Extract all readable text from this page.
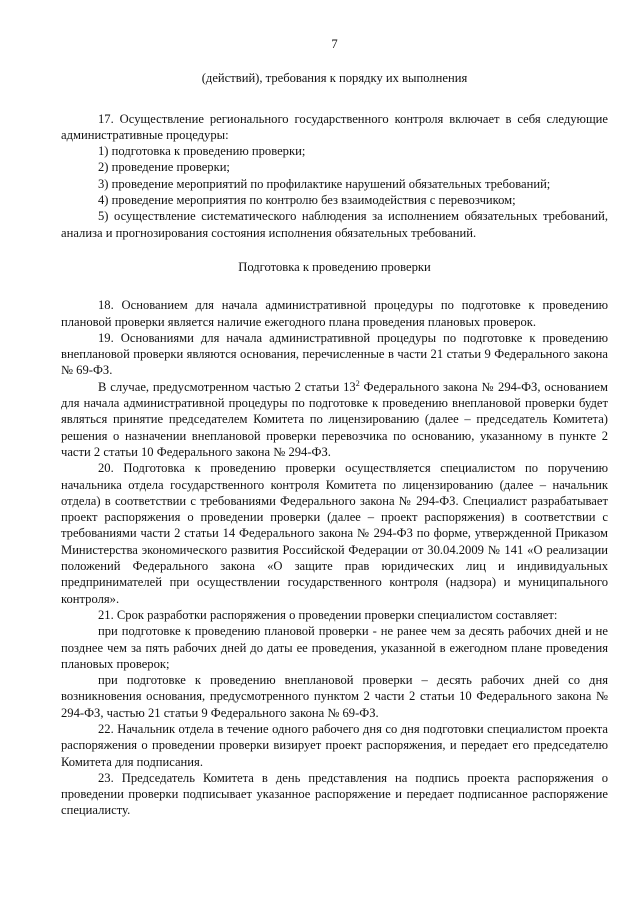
7

(действий), требования к порядку их выполнения

17. Осуществление регионального государственного контроля включает в себя следующие административные процедуры:

1) подготовка к проведению проверки;

2) проведение проверки;

3) проведение мероприятий по профилактике нарушений обязательных требований;

4) проведение мероприятия по контролю без взаимодействия с перевозчиком;

5) осуществление систематического наблюдения за исполнением обязательных требований, анализа и прогнозирования состояния исполнения обязательных требований.

Подготовка к проведению проверки

18. Основанием для начала административной процедуры по подготовке к проведению плановой проверки является наличие ежегодного плана проведения плановых проверок.

19. Основаниями для начала административной процедуры по подготовке к проведению внеплановой проверки являются основания, перечисленные в части 21 статьи 9 Федерального закона № 69-ФЗ.

В случае, предусмотренном частью 2 статьи $13^2$ Федерального закона № 294-ФЗ, основанием для начала административной процедуры по подготовке к проведению внеплановой проверки будет являться принятие председателем Комитета по лицензированию (далее – председатель Комитета) решения о назначении внеплановой проверки перевозчика по основанию, указанному в пункте 2 части 2 статьи 10 Федерального закона № 294-ФЗ.

20. Подготовка к проведению проверки осуществляется специалистом по поручению начальника отдела государственного контроля Комитета по лицензированию (далее – начальник отдела) в соответствии с требованиями Федерального закона № 294-ФЗ. Специалист разрабатывает проект распоряжения о проведении проверки (далее – проект распоряжения) в соответствии с требованиями части 2 статьи 14 Федерального закона № 294-ФЗ по форме, утвержденной Приказом Министерства экономического развития Российской Федерации от 30.04.2009 № 141 «О реализации положений Федерального закона «О защите прав юридических лиц и индивидуальных предпринимателей при осуществлении государственного контроля (надзора) и муниципального контроля».

21. Срок разработки распоряжения о проведении проверки специалистом составляет:

при подготовке к проведению плановой проверки - не ранее чем за десять рабочих дней и не позднее чем за пять рабочих дней до даты ее проведения, указанной в ежегодном плане проведения плановых проверок;

при подготовке к проведению внеплановой проверки – десять рабочих дней со дня возникновения основания, предусмотренного пунктом 2 части 2 статьи 10 Федерального закона № 294-ФЗ, частью 21 статьи 9 Федерального закона № 69-ФЗ.

22. Начальник отдела в течение одного рабочего дня со дня подготовки специалистом проекта распоряжения о проведении проверки визирует проект распоряжения, и передает его председателю Комитета для подписания.

23. Председатель Комитета в день представления на подпись проекта распоряжения о проведении проверки подписывает указанное распоряжение и передает подписанное распоряжение специалисту.
